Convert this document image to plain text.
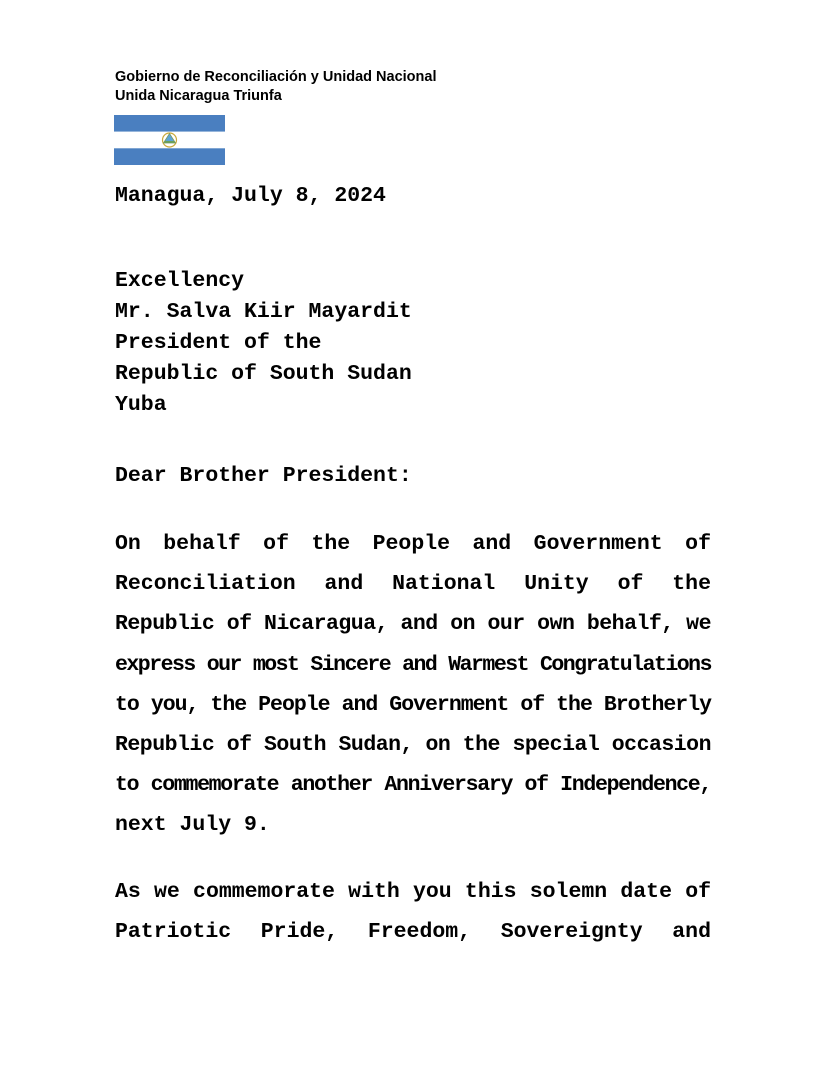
Gobierno de Reconciliación y Unidad Nacional
Unida Nicaragua Triunfa
Managua, July 8, 2024
Excellency
Mr. Salva Kiir Mayardit
President of the
Republic of South Sudan
Yuba
Dear Brother President:
On behalf of the People and Government of
Reconciliation and National Unity of the
Republic of Nicaragua, and on our own behalf, we
express our most Sincere and Warmest Congratulations
to you, the People and Government of the Brotherly
Republic of South Sudan, on the special occasion
to commemorate another Anniversary of Independence,
next July 9.
As we commemorate with you this solemn date of
Patriotic Pride, Freedom, Sovereignty and
